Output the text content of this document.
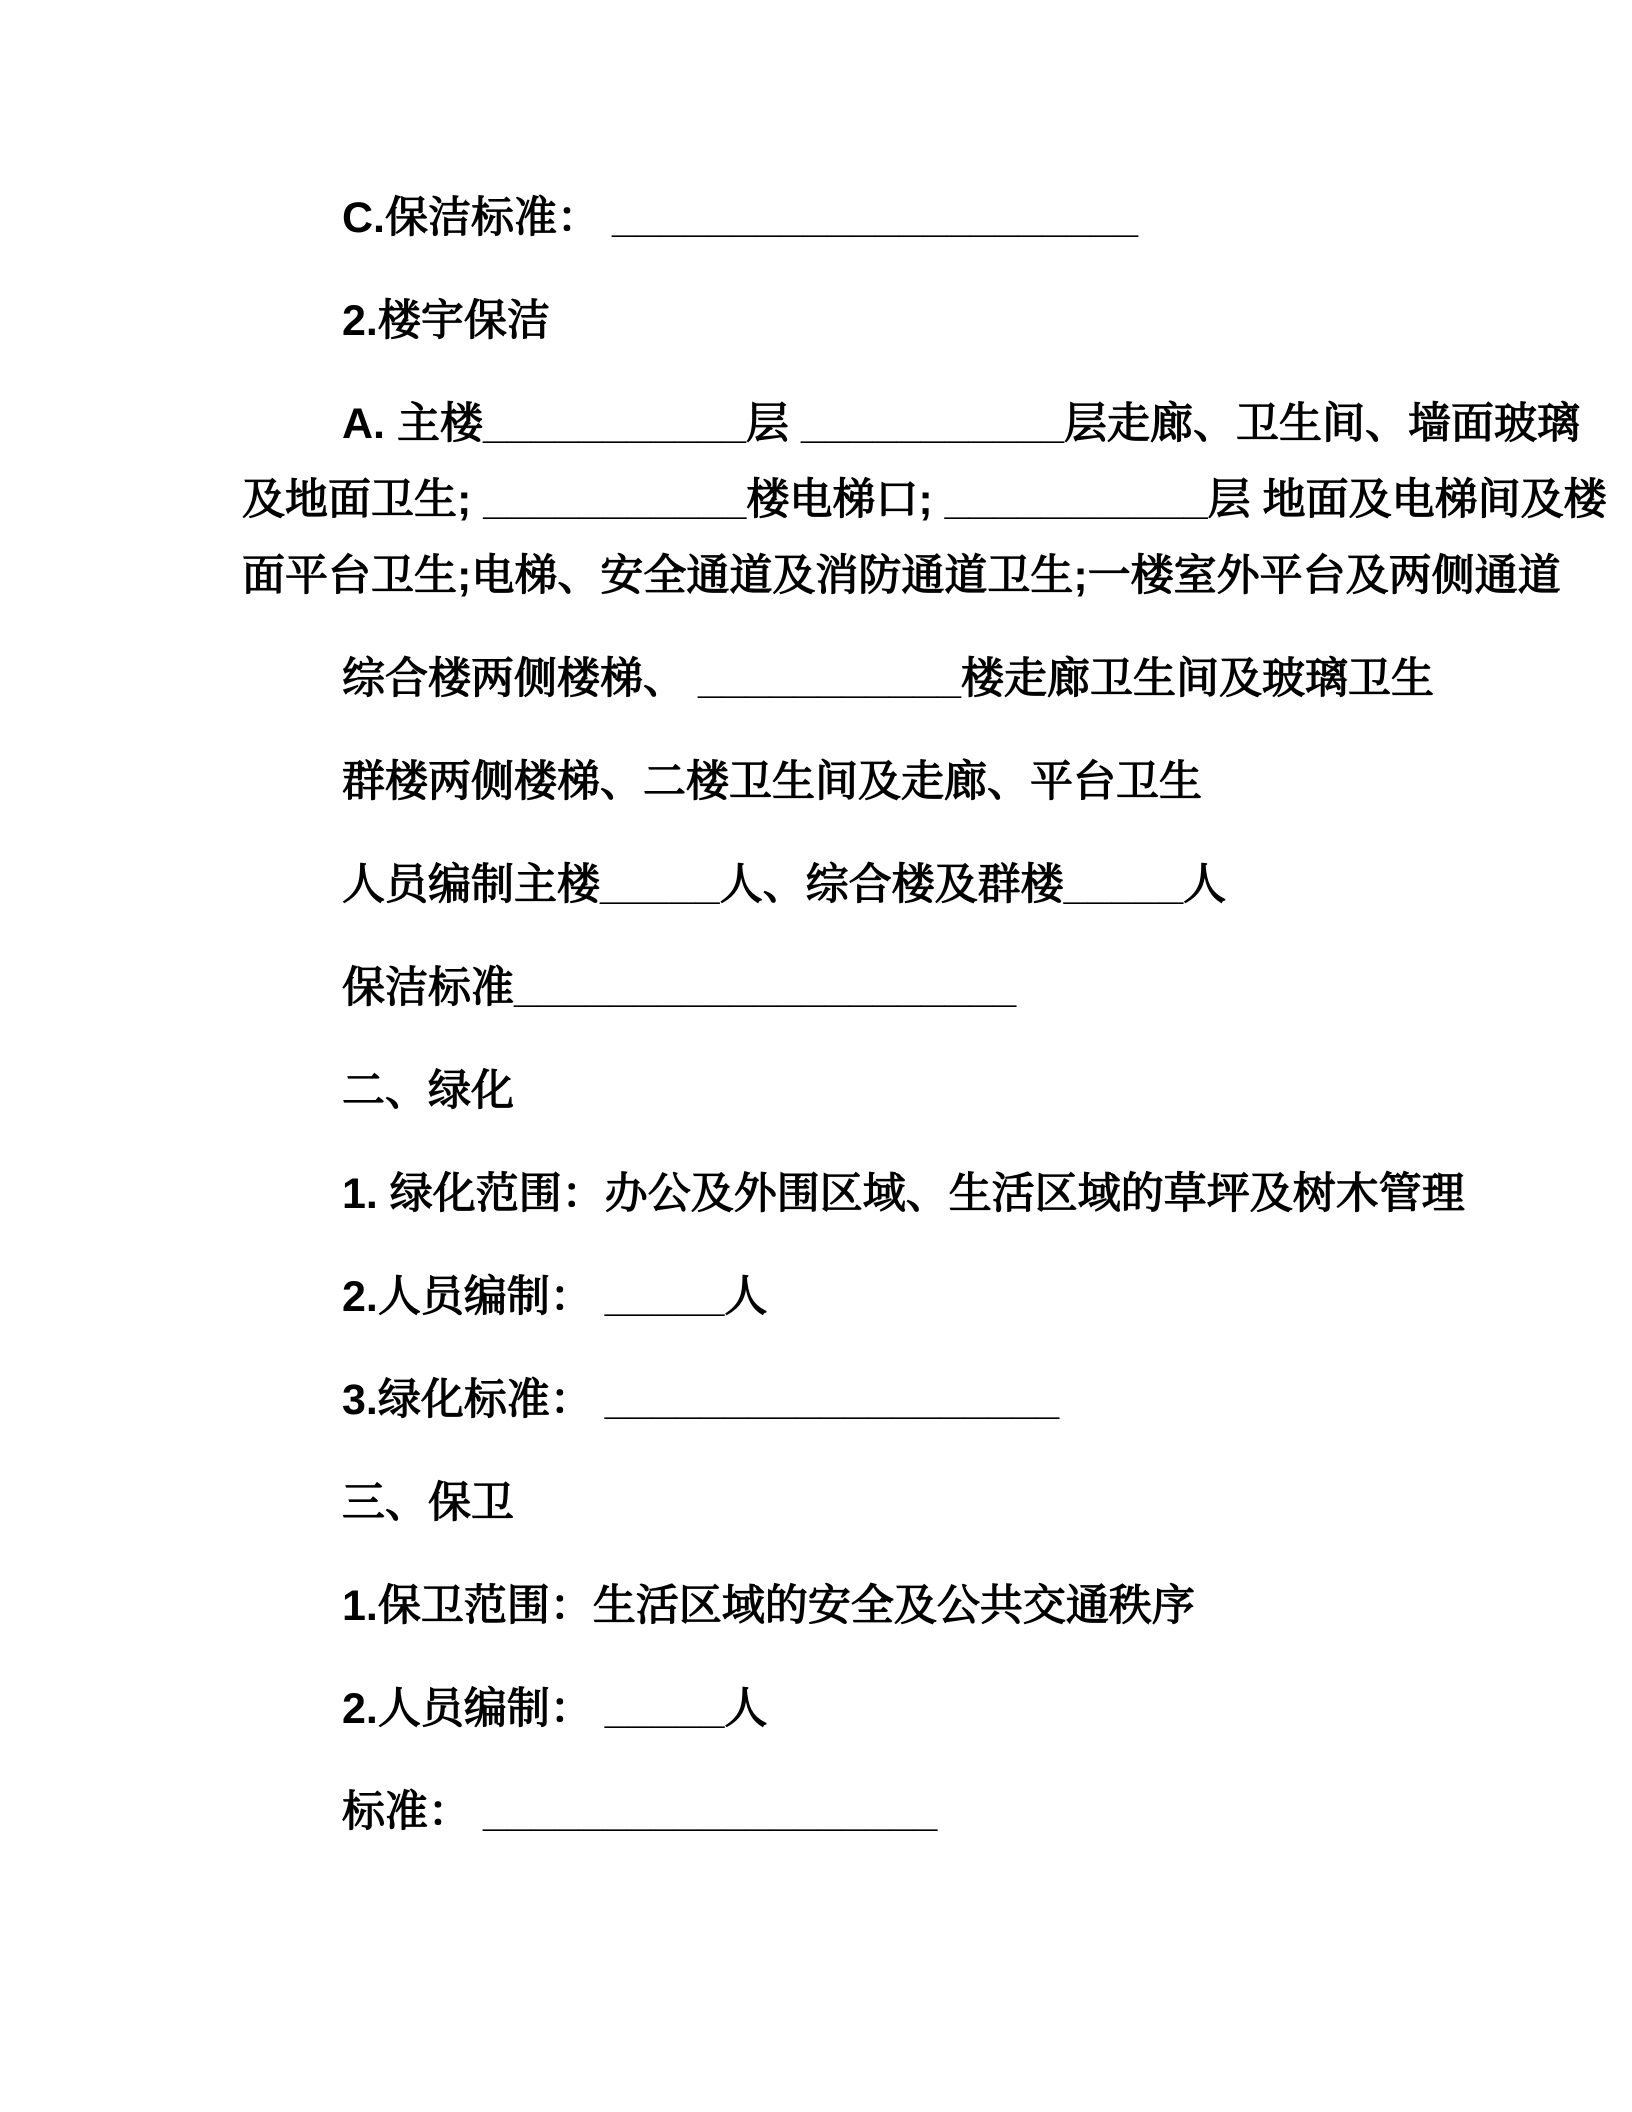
C.保洁标准： ______________________
2.楼宇保洁
A. 主楼___________层 ___________层走廊、卫生间、墙面玻璃
及地面卫生; ___________楼电梯口; ___________层 地面及电梯间及楼
面平台卫生;电梯、安全通道及消防通道卫生;一楼室外平台及两侧通道
综合楼两侧楼梯、 ___________楼走廊卫生间及玻璃卫生
群楼两侧楼梯、二楼卫生间及走廊、平台卫生
人员编制主楼_____人、综合楼及群楼_____人
保洁标准_____________________
二、绿化
1. 绿化范围：办公及外围区域、生活区域的草坪及树木管理
2.人员编制： _____人
3.绿化标准： ___________________
三、保卫
1.保卫范围：生活区域的安全及公共交通秩序
2.人员编制： _____人
标准： ___________________
